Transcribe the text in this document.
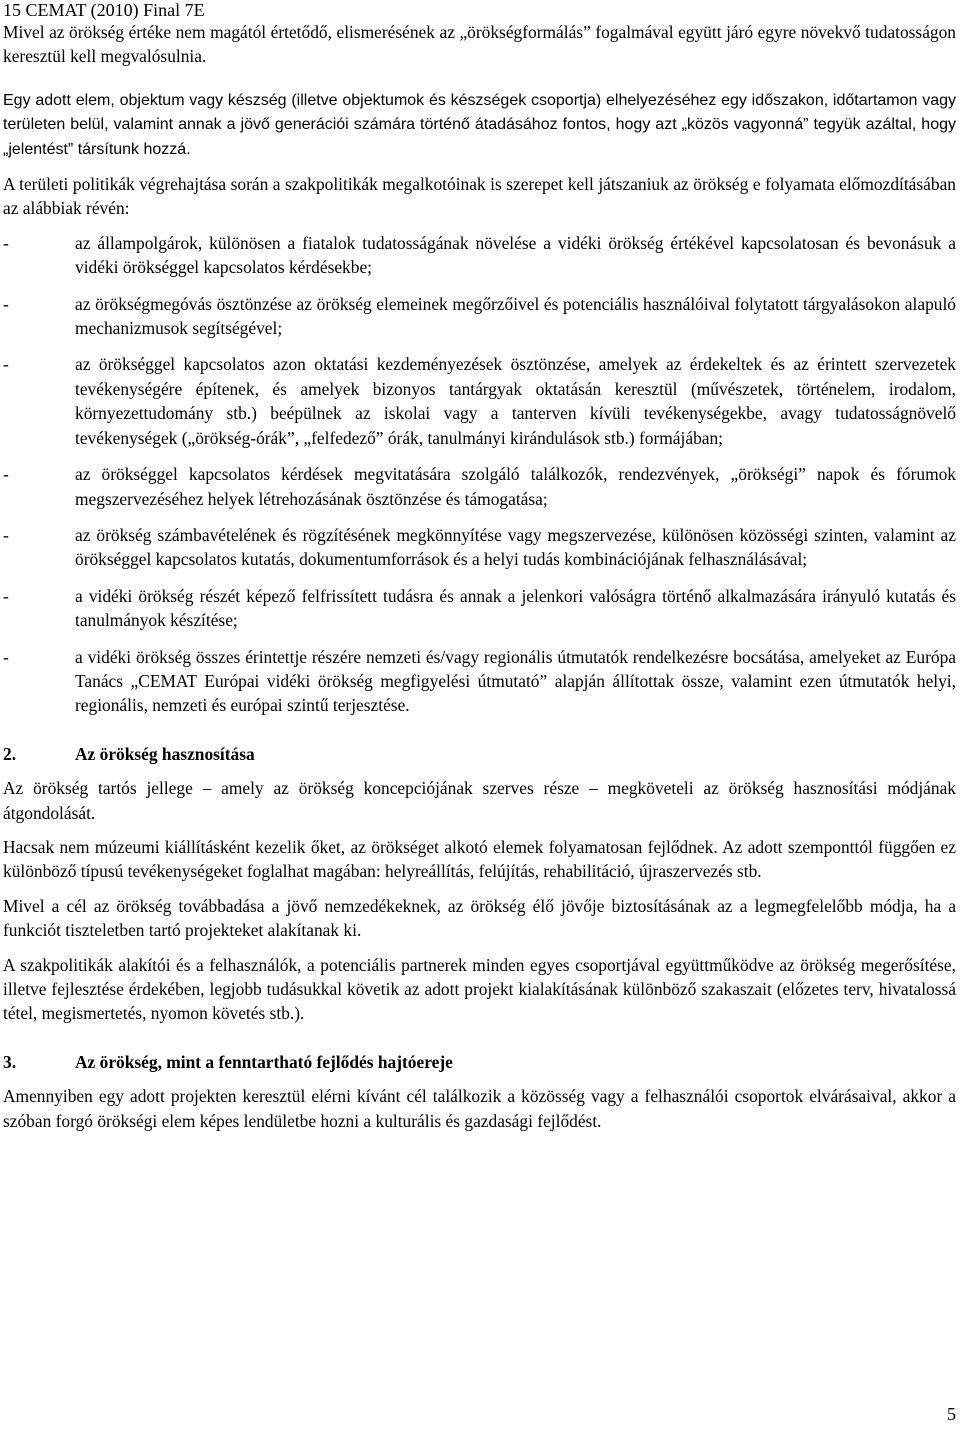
15 CEMAT (2010) Final 7E

Mivel az örökség értéke nem magától értetődő, elismerésének az „örökségformálás” fogalmával együtt járó egyre növekvő tudatosságon keresztül kell megvalósulnia.

Egy adott elem, objektum vagy készség (illetve objektumok és készségek csoportja) elhelyezéséhez egy időszakon, időtartamon vagy területen belül, valamint annak a jövő generációi számára történő átadásához fontos, hogy azt „közös vagyonná” tegyük azáltal, hogy „jelentést” társítunk hozzá.

A területi politikák végrehajtása során a szakpolitikák megalkotóinak is szerepet kell játszaniuk az örökség e folyamata előmozdításában az alábbiak révén:

-	az állampolgárok, különösen a fiatalok tudatosságának növelése a vidéki örökség értékével kapcsolatosan és bevonásuk a vidéki örökséggel kapcsolatos kérdésekbe;
-	az örökségmegóvás ösztönzése az örökség elemeinek megőrzőivel és potenciális használóival folytatott tárgyalásokon alapuló mechanizmusok segítségével;
-	az örökséggel kapcsolatos azon oktatási kezdeményezések ösztönzése, amelyek az érdekeltek és az érintett szervezetek tevékenységére építenek, és amelyek bizonyos tantárgyak oktatásán keresztül (művészetek, történelem, irodalom, környezettudomány stb.) beépülnek az iskolai vagy a tanterven kívüli tevékenységekbe, avagy tudatosságnövelő tevékenységek („örökség-órák”, „felfedező” órák, tanulmányi kirándulások stb.) formájában;
-	az örökséggel kapcsolatos kérdések megvitatására szolgáló találkozók, rendezvények, „örökségi” napok és fórumok megszervezéséhez helyek létrehozásának ösztönzése és támogatása;
-	az örökség számbavételének és rögzítésének megkönnyítése vagy megszervezése, különösen közösségi szinten, valamint az örökséggel kapcsolatos kutatás, dokumentumforrások és a helyi tudás kombinációjának felhasználásával;
-	a vidéki örökség részét képező felfrissített tudásra és annak a jelenkori valóságra történő alkalmazására irányuló kutatás és tanulmányok készítése;
-	a vidéki örökség összes érintettje részére nemzeti és/vagy regionális útmutatók rendelkezésre bocsátása, amelyeket az Európa Tanács „CEMAT Európai vidéki örökség megfigyelési útmutató” alapján állítottak össze, valamint ezen útmutatók helyi, regionális, nemzeti és európai szintű terjesztése.
2.	Az örökség hasznosítása

Az örökség tartós jellege – amely az örökség koncepciójának szerves része – megköveteli az örökség hasznosítási módjának átgondolását.

Hacsak nem múzeumi kiállításként kezelik őket, az örökséget alkotó elemek folyamatosan fejlődnek. Az adott szemponttól függően ez különböző típusú tevékenységeket foglalhat magában: helyreállítás, felújítás, rehabilitáció, újraszervezés stb.

Mivel a cél az örökség továbbadása a jövő nemzedékeknek, az örökség élő jövője biztosításának az a legmegfelelőbb módja, ha a funkciót tiszteletben tartó projekteket alakítanak ki.

A szakpolitikák alakítói és a felhasználók, a potenciális partnerek minden egyes csoportjával együttműködve az örökség megerősítése, illetve fejlesztése érdekében, legjobb tudásukkal követik az adott projekt kialakításának különböző szakaszait (előzetes terv, hivatalossá tétel, megismertetés, nyomon követés stb.).

3.	Az örökség, mint a fenntartható fejlődés hajtóereje

Amennyiben egy adott projekten keresztül elérni kívánt cél találkozik a közösség vagy a felhasználói csoportok elvárásaival, akkor a szóban forgó örökségi elem képes lendületbe hozni a kulturális és gazdasági fejlődést.

5
